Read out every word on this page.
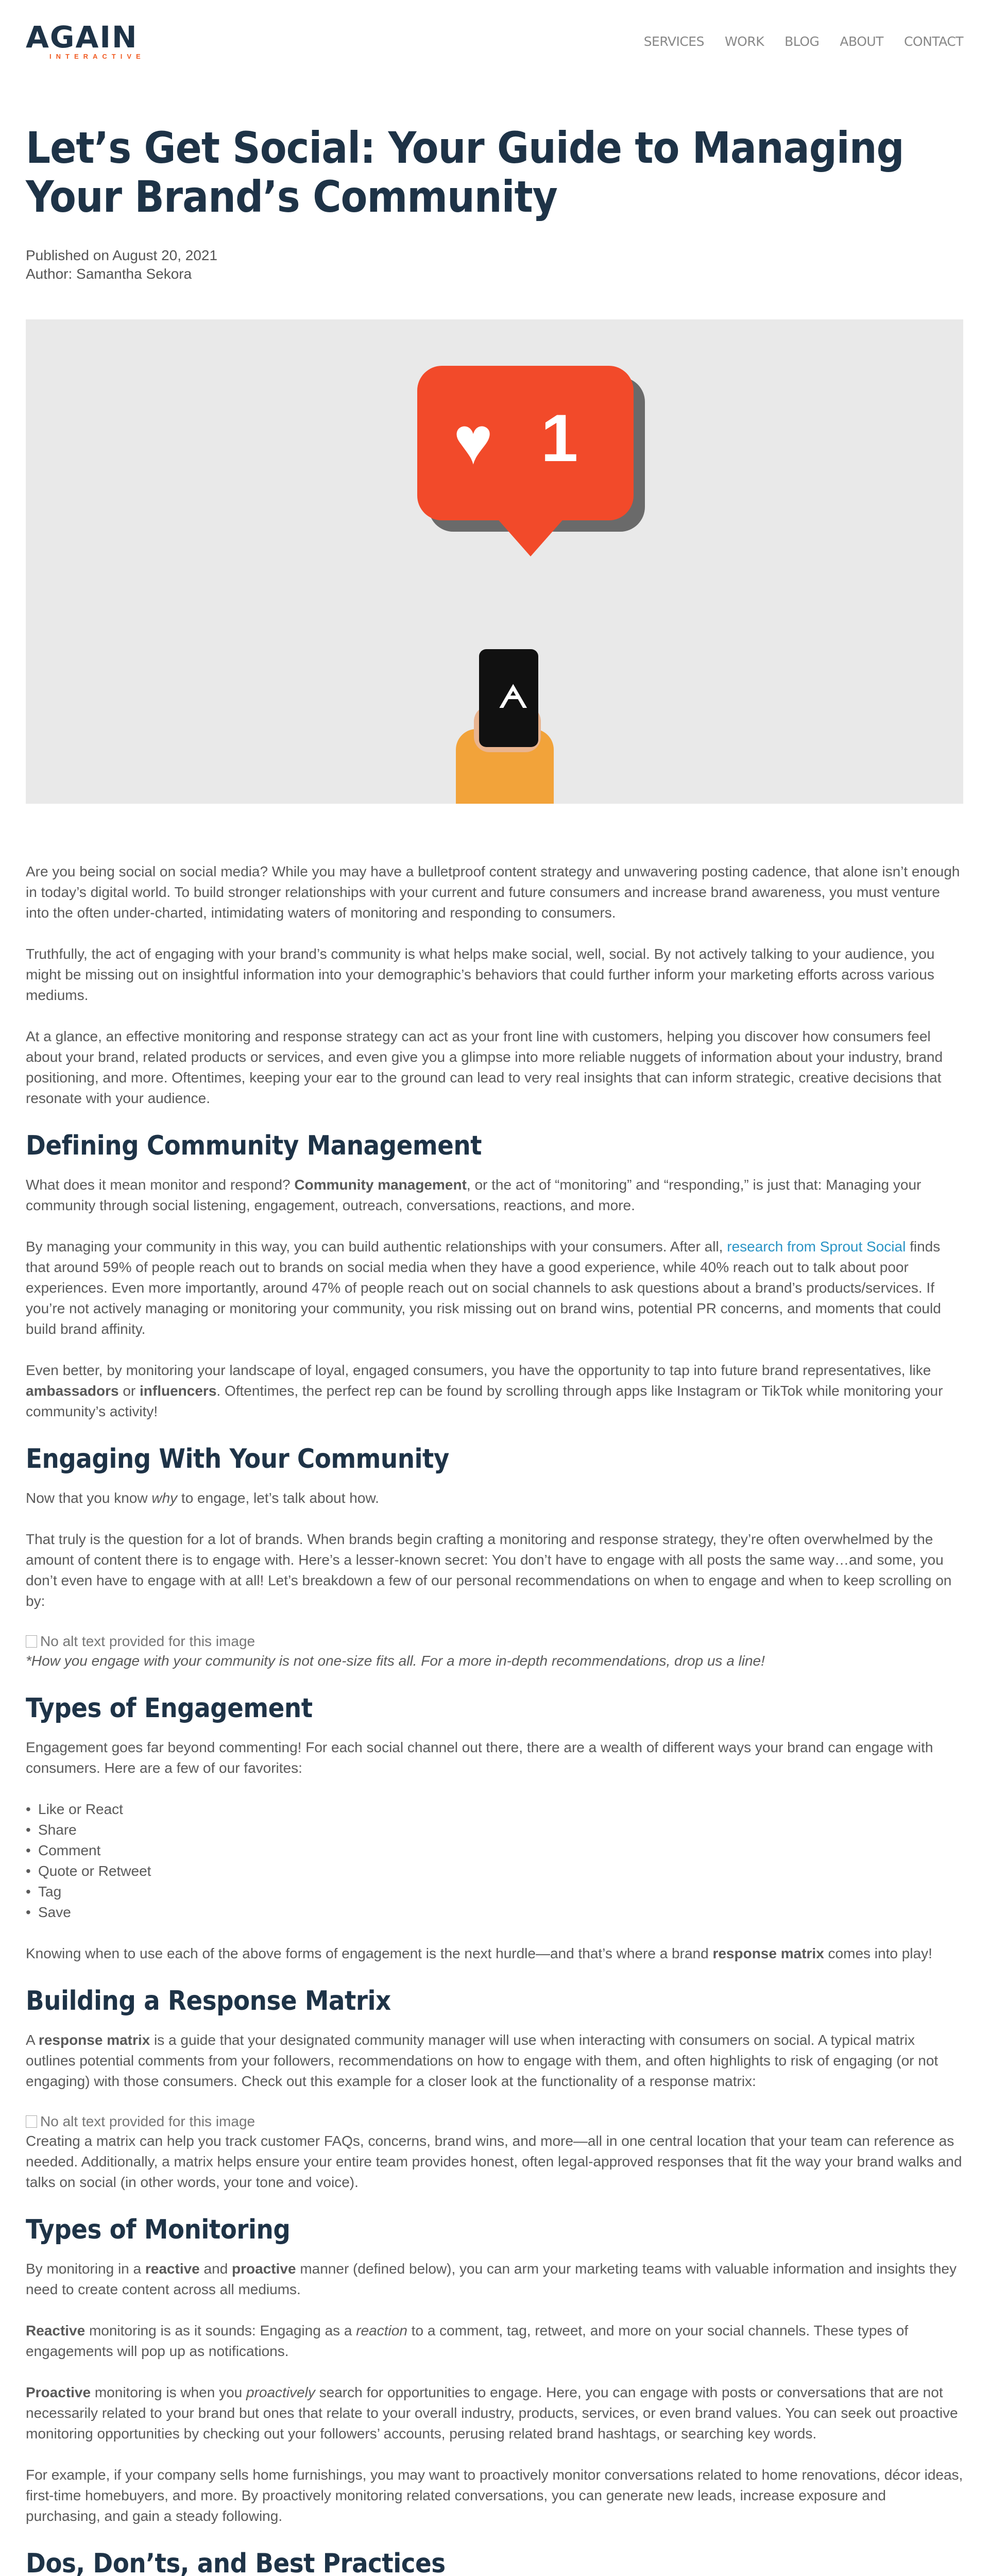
AGAIN
INTERACTIVE
SERVICES WORK BLOG ABOUT CONTACT
Let’s Get Social: Your Guide to Managing Your Brand’s Community
Published on August 20, 2021
Author: Samantha Sekora
♥ 1
ᗅ

Are you being social on social media? While you may have a bulletproof content strategy and unwavering posting cadence, that alone isn’t enough in today’s digital world. To build stronger relationships with your current and future consumers and increase brand awareness, you must venture into the often under-charted, intimidating waters of monitoring and responding to consumers.

Truthfully, the act of engaging with your brand’s community is what helps make social, well, social. By not actively talking to your audience, you might be missing out on insightful information into your demographic’s behaviors that could further inform your marketing efforts across various mediums.

At a glance, an effective monitoring and response strategy can act as your front line with customers, helping you discover how consumers feel about your brand, related products or services, and even give you a glimpse into more reliable nuggets of information about your industry, brand positioning, and more. Oftentimes, keeping your ear to the ground can lead to very real insights that can inform strategic, creative decisions that resonate with your audience.

Defining Community Management

What does it mean monitor and respond? Community management, or the act of “monitoring” and “responding,” is just that: Managing your community through social listening, engagement, outreach, conversations, reactions, and more.

By managing your community in this way, you can build authentic relationships with your consumers. After all, research from Sprout Social finds that around 59% of people reach out to brands on social media when they have a good experience, while 40% reach out to talk about poor experiences. Even more importantly, around 47% of people reach out on social channels to ask questions about a brand’s products/services. If you’re not actively managing or monitoring your community, you risk missing out on brand wins, potential PR concerns, and moments that could build brand affinity.

Even better, by monitoring your landscape of loyal, engaged consumers, you have the opportunity to tap into future brand representatives, like ambassadors or influencers. Oftentimes, the perfect rep can be found by scrolling through apps like Instagram or TikTok while monitoring your community’s activity!

Engaging With Your Community

Now that you know why to engage, let’s talk about how.

That truly is the question for a lot of brands. When brands begin crafting a monitoring and response strategy, they’re often overwhelmed by the amount of content there is to engage with. Here’s a lesser-known secret: You don’t have to engage with all posts the same way…and some, you don’t even have to engage with at all! Let’s breakdown a few of our personal recommendations on when to engage and when to keep scrolling on by:

No alt text provided for this image
*How you engage with your community is not one-size fits all. For a more in-depth recommendations, drop us a line!
Types of Engagement

Engagement goes far beyond commenting! For each social channel out there, there are a wealth of different ways your brand can engage with consumers. Here are a few of our favorites:

• Like or React
• Share
• Comment
• Quote or Retweet
• Tag
• Save

Knowing when to use each of the above forms of engagement is the next hurdle—and that’s where a brand response matrix comes into play!

Building a Response Matrix

A response matrix is a guide that your designated community manager will use when interacting with consumers on social. A typical matrix outlines potential comments from your followers, recommendations on how to engage with them, and often highlights to risk of engaging (or not engaging) with those consumers. Check out this example for a closer look at the functionality of a response matrix:

No alt text provided for this image

Creating a matrix can help you track customer FAQs, concerns, brand wins, and more—all in one central location that your team can reference as needed. Additionally, a matrix helps ensure your entire team provides honest, often legal-approved responses that fit the way your brand walks and talks on social (in other words, your tone and voice).

Types of Monitoring

By monitoring in a reactive and proactive manner (defined below), you can arm your marketing teams with valuable information and insights they need to create content across all mediums.

Reactive monitoring is as it sounds: Engaging as a reaction to a comment, tag, retweet, and more on your social channels. These types of engagements will pop up as notifications.

Proactive monitoring is when you proactively search for opportunities to engage. Here, you can engage with posts or conversations that are not necessarily related to your brand but ones that relate to your overall industry, products, services, or even brand values. You can seek out proactive monitoring opportunities by checking out your followers’ accounts, perusing related brand hashtags, or searching key words.

For example, if your company sells home furnishings, you may want to proactively monitor conversations related to home renovations, décor ideas, first-time homebuyers, and more. By proactively monitoring related conversations, you can generate new leads, increase exposure and purchasing, and gain a steady following.

Dos, Don’ts, and Best Practices
